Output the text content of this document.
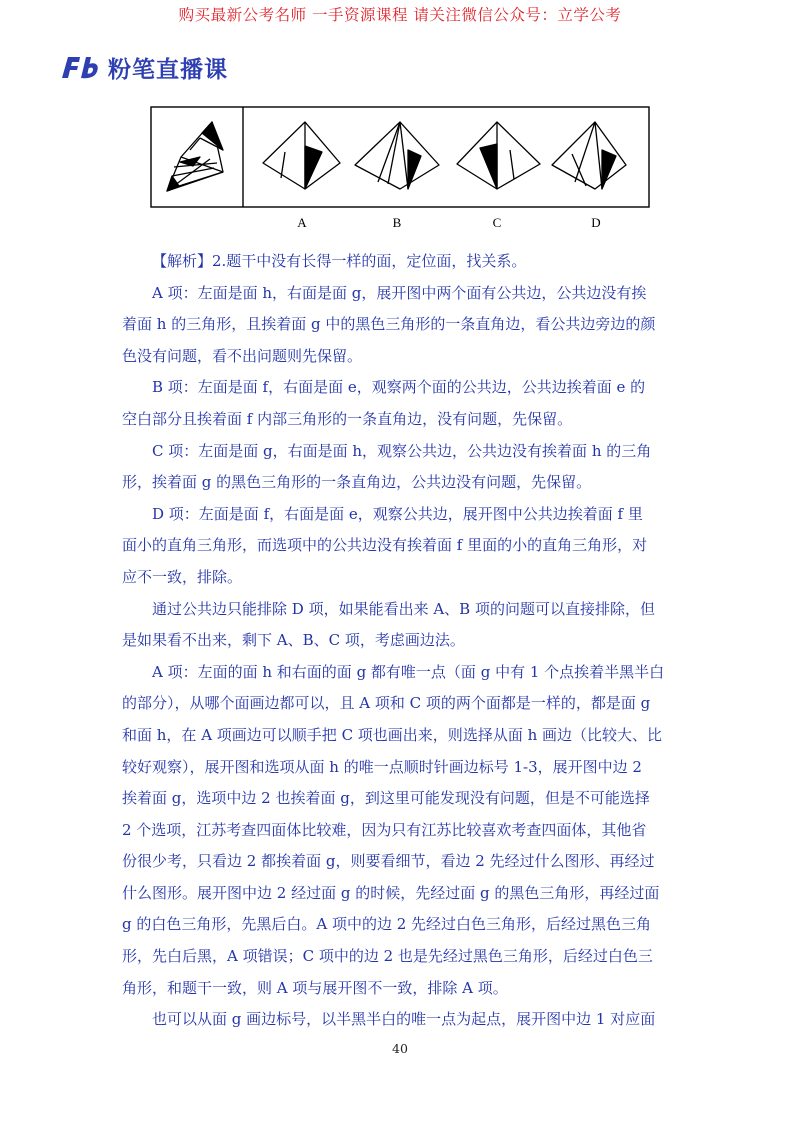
购买最新公考名师 一手资源课程 请关注微信公众号：立学公考
粉笔直播课
A	B	C	D

【解析】2.题干中没有长得一样的面，定位面，找关系。

A 项：左面是面 h，右面是面 g，展开图中两个面有公共边，公共边没有挨
着面 h 的三角形，且挨着面 g 中的黑色三角形的一条直角边，看公共边旁边的颜
色没有问题，看不出问题则先保留。

B 项：左面是面 f，右面是面 e，观察两个面的公共边，公共边挨着面 e 的
空白部分且挨着面 f 内部三角形的一条直角边，没有问题，先保留。

C 项：左面是面 g，右面是面 h，观察公共边，公共边没有挨着面 h 的三角
形，挨着面 g 的黑色三角形的一条直角边，公共边没有问题，先保留。

D 项：左面是面 f，右面是面 e，观察公共边，展开图中公共边挨着面 f 里
面小的直角三角形，而选项中的公共边没有挨着面 f 里面的小的直角三角形，对
应不一致，排除。

通过公共边只能排除 D 项，如果能看出来 A、B 项的问题可以直接排除，但
是如果看不出来，剩下 A、B、C 项，考虑画边法。

A 项：左面的面 h 和右面的面 g 都有唯一点（面 g 中有 1 个点挨着半黑半白
的部分），从哪个面画边都可以，且 A 项和 C 项的两个面都是一样的，都是面 g
和面 h，在 A 项画边可以顺手把 C 项也画出来，则选择从面 h 画边（比较大、比
较好观察），展开图和选项从面 h 的唯一点顺时针画边标号 1-3，展开图中边 2
挨着面 g，选项中边 2 也挨着面 g，到这里可能发现没有问题，但是不可能选择
2 个选项，江苏考查四面体比较难，因为只有江苏比较喜欢考查四面体，其他省
份很少考，只看边 2 都挨着面 g，则要看细节，看边 2 先经过什么图形、再经过
什么图形。展开图中边 2 经过面 g 的时候，先经过面 g 的黑色三角形，再经过面
g 的白色三角形，先黑后白。A 项中的边 2 先经过白色三角形，后经过黑色三角
形，先白后黑，A 项错误；C 项中的边 2 也是先经过黑色三角形，后经过白色三
角形，和题干一致，则 A 项与展开图不一致，排除 A 项。

也可以从面 g 画边标号，以半黑半白的唯一点为起点，展开图中边 1 对应面

40
